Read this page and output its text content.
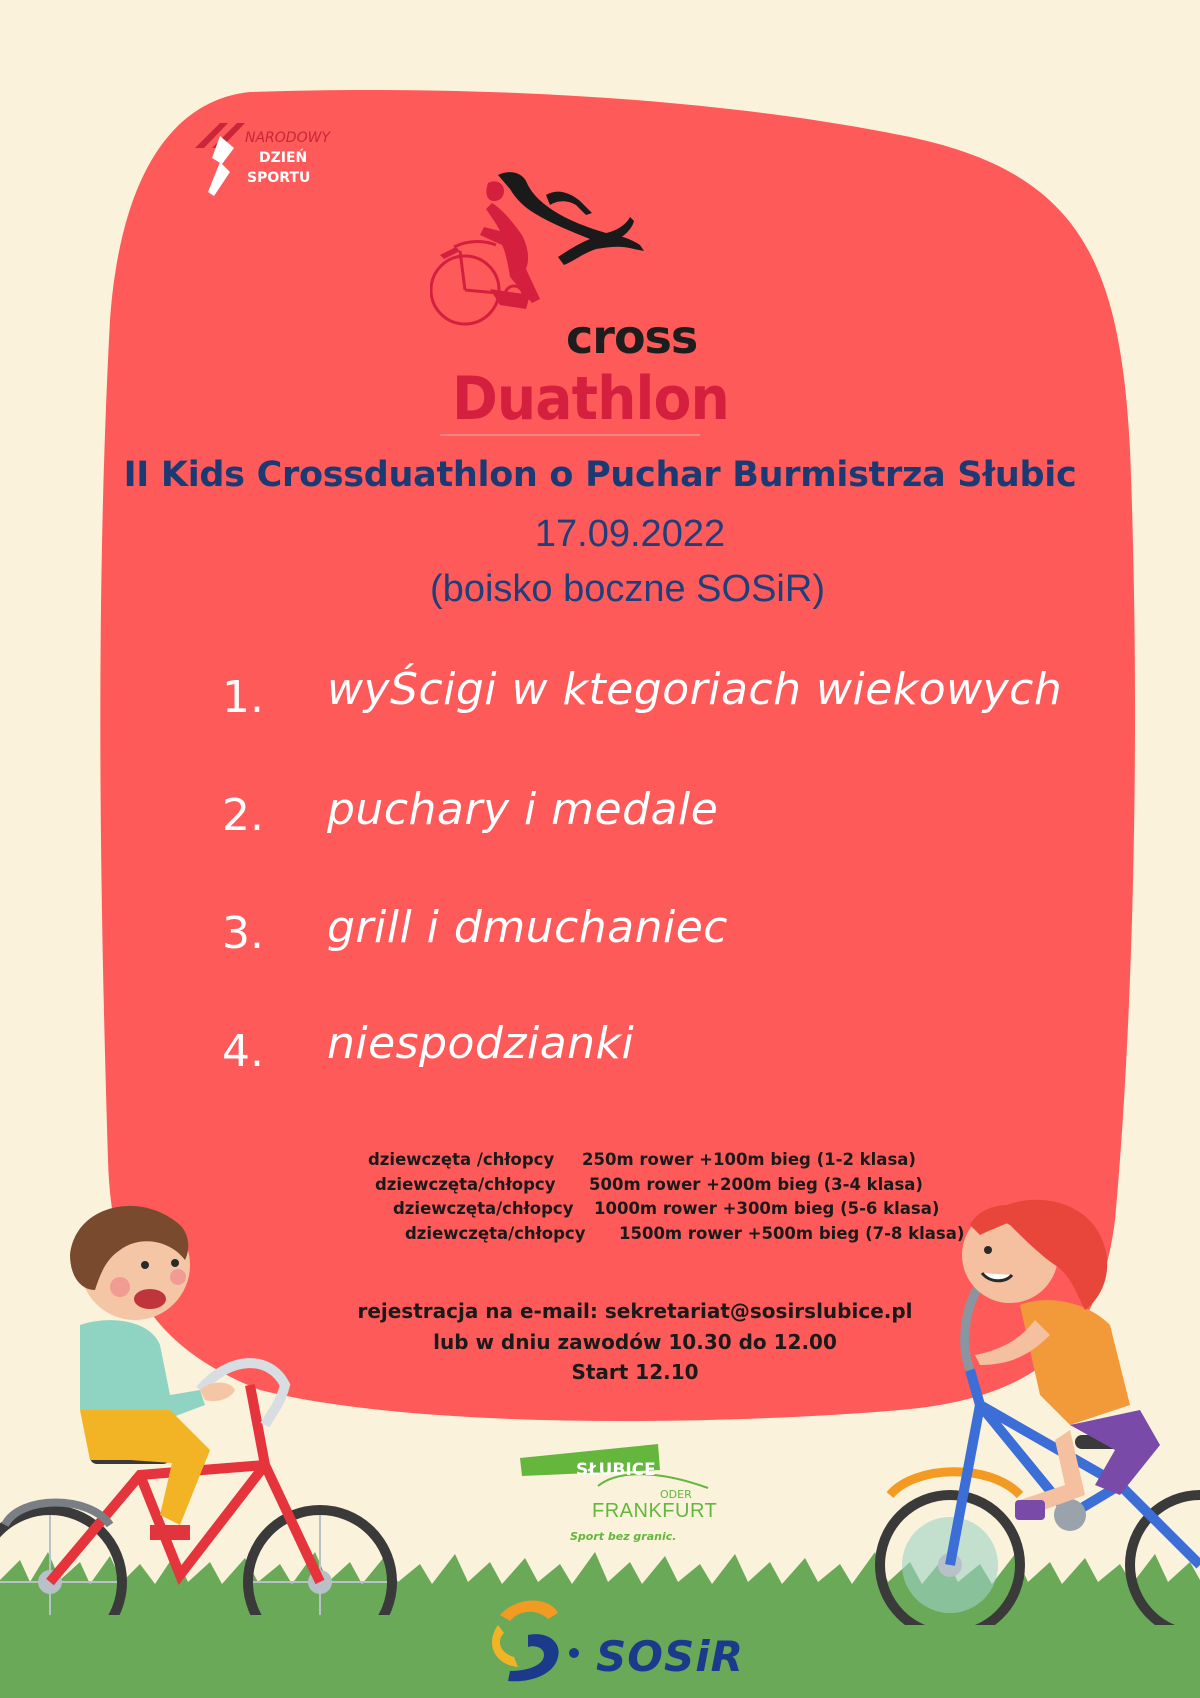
NARODOWY
DZIEŃ
SPORTU
cross
Duathlon
II Kids Crossduathlon o Puchar Burmistrza Słubic
17.09.2022
(boisko boczne SOSiR)
1. wyŚcigi w ktegoriach wiekowych
2. puchary i medale
3. grill i dmuchaniec
4. niespodzianki
dziewczęta /chłopcy 250m rower +100m bieg (1-2 klasa)
dziewczęta/chłopcy 500m rower +200m bieg (3-4 klasa)
dziewczęta/chłopcy 1000m rower +300m bieg (5-6 klasa)
dziewczęta/chłopcy 1500m rower +500m bieg (7-8 klasa)
rejestracja na e-mail: sekretariat@sosirslubice.pl
lub w dniu zawodów 10.30 do 12.00
Start 12.10
SŁUBICE
ODER
FRANKFURT
Sport bez granic.
SOSiR
